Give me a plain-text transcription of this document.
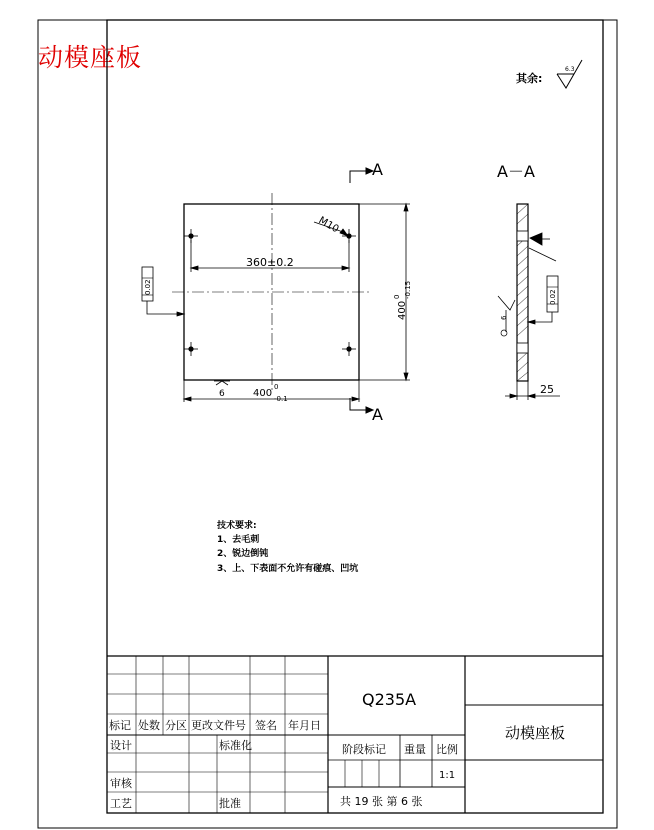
动模座板
其余:
6.3
A
A
360±0.2
M10
400
0 -0.15
400
0
-0.1
6
0.02
A－A
0.02
6
25
技术要求:
1、去毛刺
2、锐边倒钝
3、上、下表面不允许有碰痕、凹坑
Q235A
动模座板
标记 处数 分区 更改文件号 签名 年月日
设计	标准化
审核
工艺	批准
阶段标记 重量 比例
1:1
共 19 张 第 6 张
